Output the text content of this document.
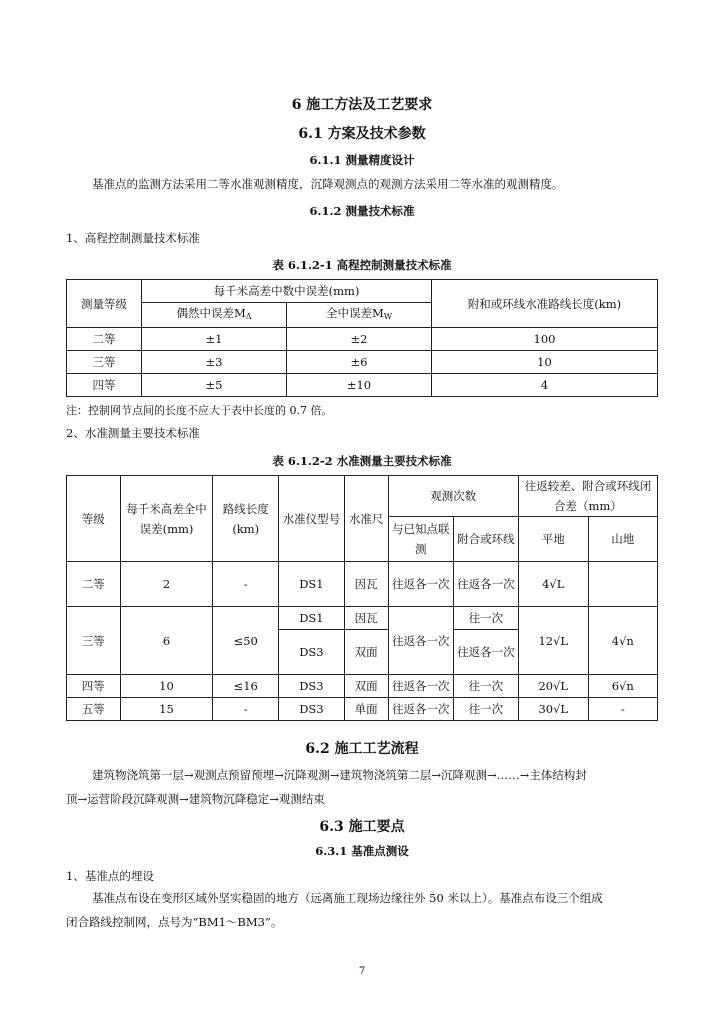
6 施工方法及工艺要求
6.1 方案及技术参数
6.1.1 测量精度设计
基准点的监测方法采用二等水准观测精度，沉降观测点的观测方法采用二等水准的观测精度。
6.1.2 测量技术标准
1、高程控制测量技术标准
表 6.1.2-1 高程控制测量技术标准
测量等级	每千米高差中数中误差(mm)		附和或环线水准路线长度(km)
	偶然中误差$M_\Delta$	全中误差$M_W$
二等	±1	±2	100
三等	±3	±6	10
四等	±5	±10	4
注：控制网节点间的长度不应大于表中长度的 0.7 倍。
2、水准测量主要技术标准
表 6.1.2-2 水准测量主要技术标准
等级	每千米高差全中误差(mm)	路线长度(km)	水准仪型号	水准尺	观测次数		往返较差、附合或环线闭合差（mm）	
					与已知点联测	附合或环线	平地	山地
二等	2	-	DS1	因瓦	往返各一次	往返各一次	4√L	
三等	6	≤50	DS1	因瓦	往返各一次	往一次	12√L	4√n
			DS3	双面		往返各一次		
四等	10	≤16	DS3	双面	往返各一次	往一次	20√L	6√n
五等	15	-	DS3	单面	往返各一次	往一次	30√L	-
6.2 施工工艺流程
建筑物浇筑第一层→观测点预留预埋→沉降观测→建筑物浇筑第二层→沉降观测→……→主体结构封
顶→运营阶段沉降观测→建筑物沉降稳定→观测结束
6.3 施工要点
6.3.1 基准点测设
1、基准点的埋设
基准点布设在变形区域外坚实稳固的地方（远离施工现场边缘往外 50 米以上）。基准点布设三个组成
闭合路线控制网，点号为“BM1～BM3”。
7
